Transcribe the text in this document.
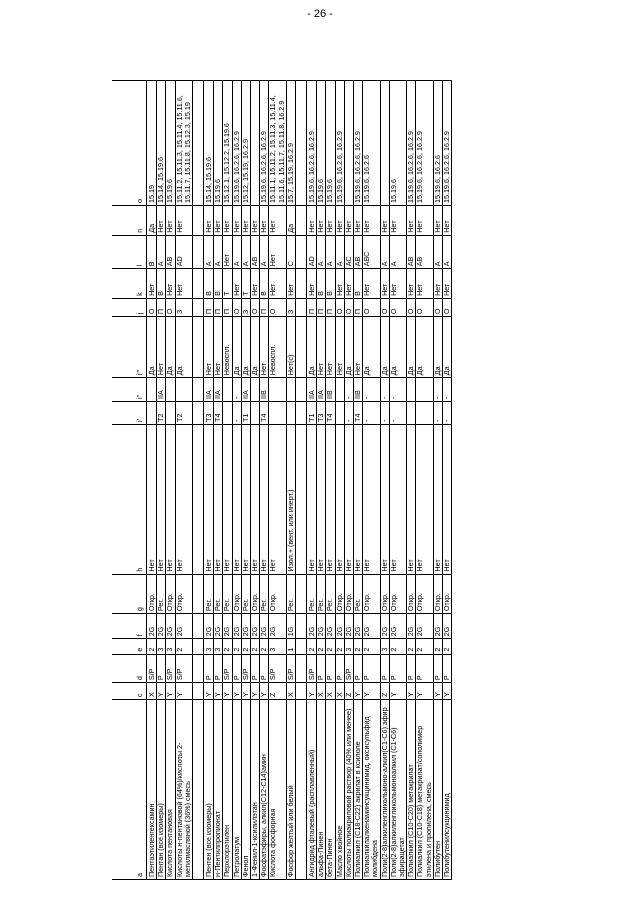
- 26 -
a	c	d	e	f	g	h	i'	i''	i'''	j	k	l	n	o
Пентаэтиленгексамин	X	S/P	2	2G	Откр.	Нет			Да	О	Нет	В	Да	15.19
Пентан (все изомеры)	Y	P	3	2G	Рег.	Нет	T2	IIA	Нет	П	В	А	Нет	15.14, 15.19.6
Кислота пентановая	Y	S/P	3	2G	Откр.	Нет			Да	О	Нет	АВ	Нет	15.19.6
Кислоты н-пентановой (64%)/кислоты 2-метилмасляной (36%) смесь	Y	S/P	2	2G	Откр.	Нет	T2		Да	З	Нет	AD	Нет	15.11.2, 15.11.3, 15.11.4, 15.11.6, 15.11.7, 15.11.8, 15.12.3, 15.19

Пентен (все изомеры)	Y	P	3	2G	Рег.	Нет	T3	IIA	Нет	П	В	А	Нет	15.14, 15.19.6
н-Пентилпропионат	Y	P	3	2G	Рег.	Нет	T4	IIA	Нет	П	В	А	Нет	15.19.6
Перхлорэтилен	Y	S/P	2	2G	Рег.	Нет			Невоспл.	П	Т	Нет	Нет	15.12.1, 15.12.2, 15.19.6
Петролатум	Y	P	2	2G	Откр.	Нет	-	-	Да	О	Нет	А	Нет	15.19.6, 16.2.6, 16.2.9
Фенол	Y	S/P	2	2G	Рег.	Нет	T1	IIA	Да	З	Т	А	Нет	15.12, 15.19, 16.2.9
1-Фенил-1-ксилилэтан	Y	P	2	2G	Откр.	Нет			Да	О	Нет	АВ	Нет	
Фосфатэфиры, алкил(C12-C14)амин	Y	P	2	2G	Рег.	Нет	T4	IIB	Нет	П	В	А	Нет	15.19.6, 16.2.6, 16.2.9
Кислота фосфорная	Z	S/P	3	2G	Откр.	Нет			Невоспл.	О	Нет	Нет	Нет	15.11.1, 15.11.2, 15.11.3, 15.11.4, 15.11.6, 15.11.7, 15.11.8, 16.2.9
Фосфор желтый или белый	X	S/P	1	1G	Рег.	Изол.+ (вент. или инерт.)			Нет(с)	З	Нет	С	Да	15.7, 15.19, 16.2.9

Ангидрид фталевый (расплавленный)	Y	S/P	2	2G	Рег.	Нет	T1	IIA	Да	П	Нет	AD	Нет	15.19.6, 16.2.6, 16.2.9
альфа-Пинен	X	P	2	2G	Рег.	Нет	T3	IIA	Нет	П	В	А	Нет	15.19.6
бета-Пинен	X	P	2	2G	Рег.	Нет	T4	IIB	Нет	П	В	А	Нет	15.19.6
Масло хвойное	X	P	2	2G	Откр.	Нет			Нет	О	Нет	А	Нет	15.19.6, 16.2.6, 16.2.9
Кислоты полиакриловой раствор (40% или менее)	Z	S/P	3	2G	Откр.	Нет	-	-	Да	О	Нет	АС	Нет	
Полиалкил (C18-C22) акрилат в ксилоле	Y	P	2	2G	Рег.	Нет	T4	IIB	Нет	П	В	АВ	Нет	15.19.6, 16.2.6, 16.2.9
Полиалкилалкенаминсукцинимид, оксисульфид молибдена	Y	P	2	2G	Откр.	Нет	-	-	Да	О	Нет	АВС	Нет	15.19.6, 16.2.6
Поли(2-8)алкиленгликольмоно-алкил(C1-C6) эфир	Z	P	3	2G	Откр.	Нет	-	-	Да	О	Нет	А	Нет	
Поли(2-8)алкиленгликольмоноалкил (C1-C6) эфирацетат	Y	P	2	2G	Откр.	Нет	-	-	Да	О	Нет	А	Нет	15.19.6
Полиалкил (C10-C20) метакрилат	Y	P	2	2G	Откр.	Нет			Да	О	Нет	АВ	Нет	15.19.6, 16.2.6, 16.2.9
Полиалкил (C10-C18) метакрилат/сополимер этилена и пропилена, смесь	Y	P	2	2G	Откр.	Нет			Да	О	Нет	АВ	Нет	15.19.6, 16.2.6, 16.2.9
Полибутен	Y	P	2	2G	Откр.	Нет	-	-	Да	О	Нет	А	Нет	15.19.6, 16.2.6
Полибутенилсукцинимид	Y	P	2	2G	Откр.	Нет	-	-	Да	О	Нет	А	Нет	15.19.6, 16.2.6, 16.2.9
